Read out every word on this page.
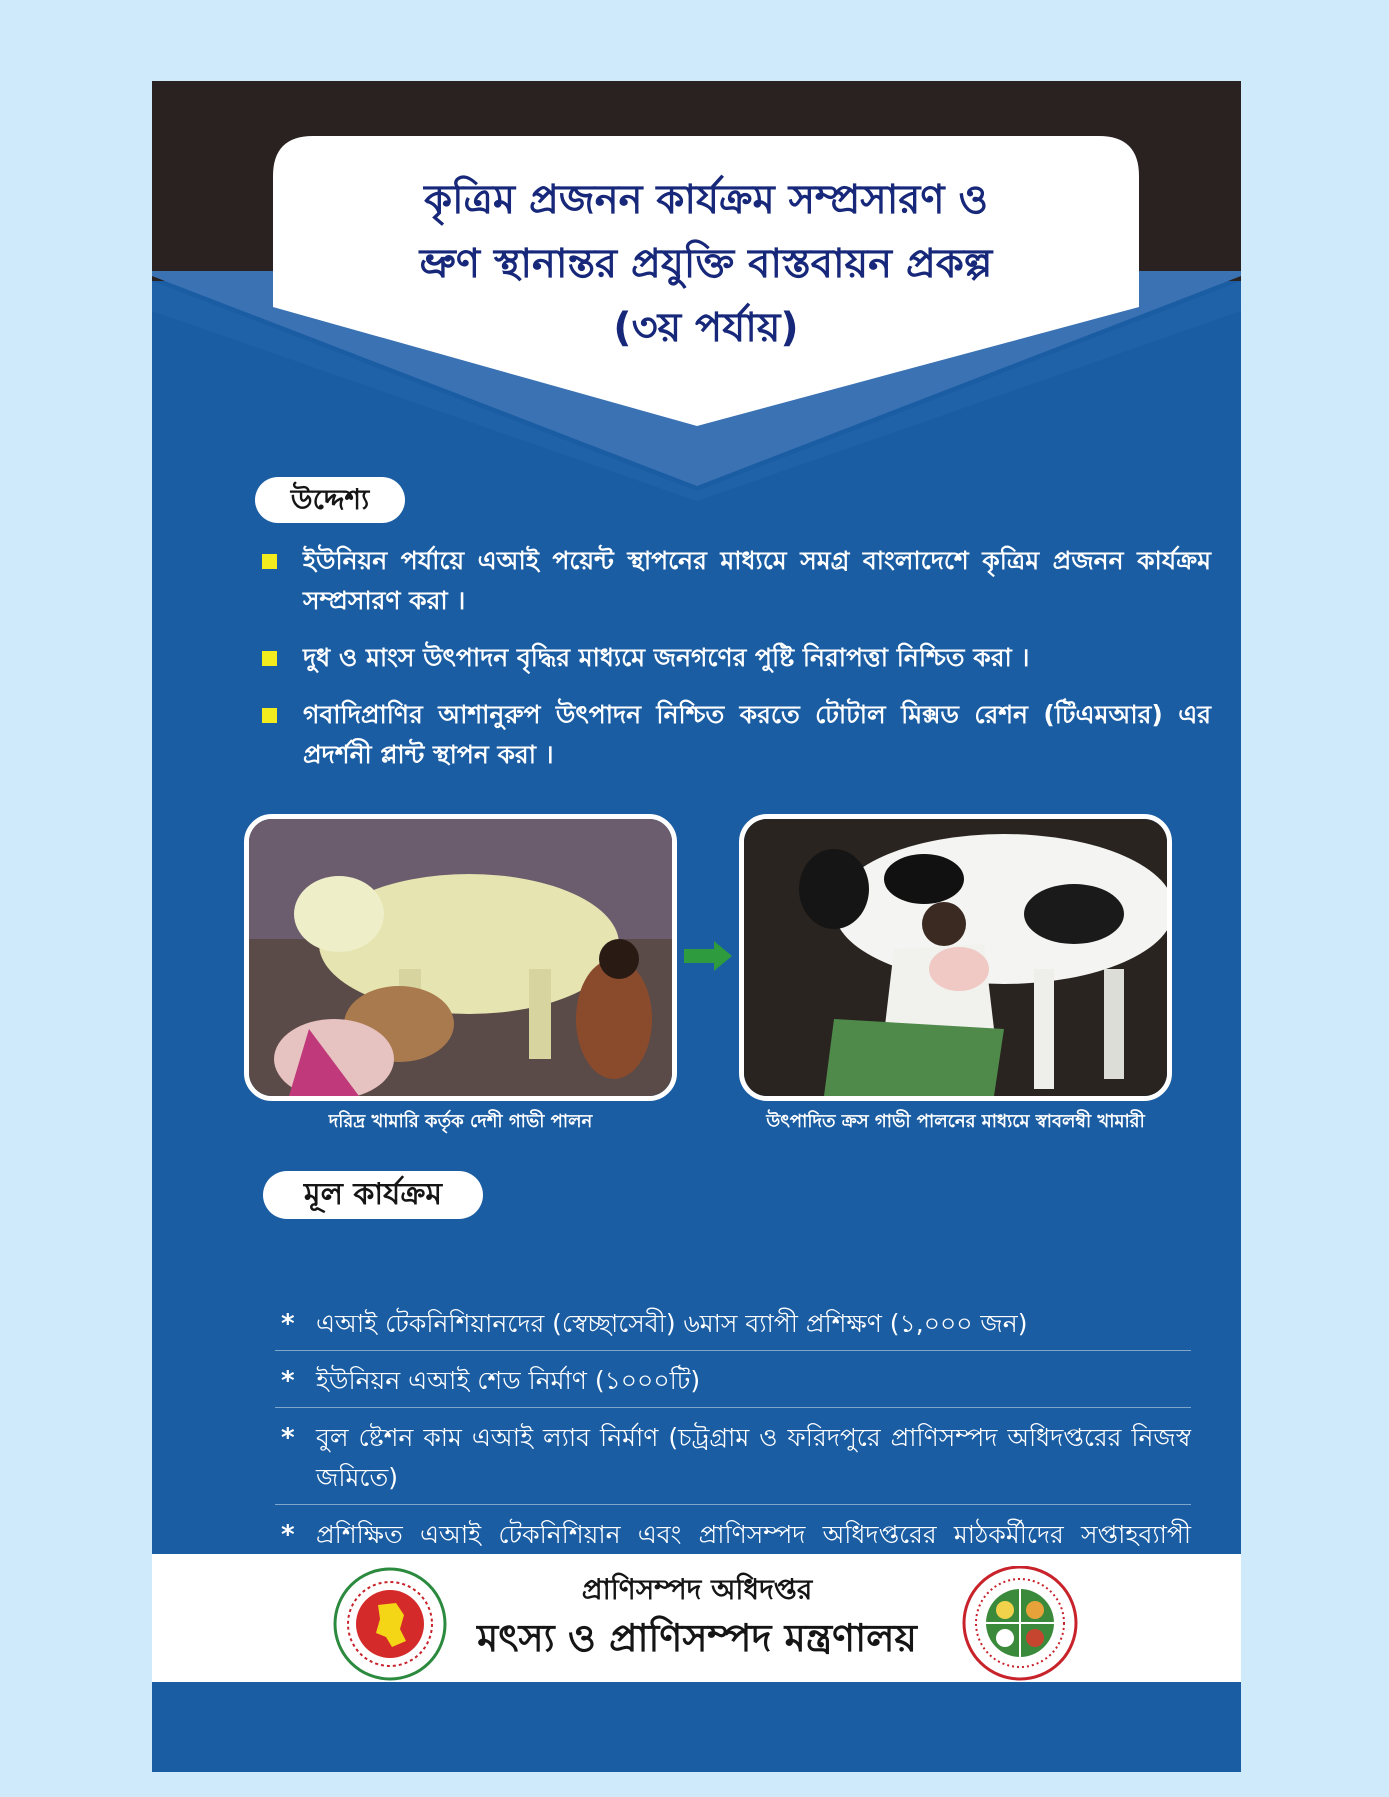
কৃত্রিম প্রজনন কার্যক্রম সম্প্রসারণ ও
ভ্রুণ স্থানান্তর প্রযুক্তি বাস্তবায়ন প্রকল্প
(৩য় পর্যায়)
উদ্দেশ্য
ইউনিয়ন পর্যায়ে এআই পয়েন্ট স্থাপনের মাধ্যমে সমগ্র বাংলাদেশে কৃত্রিম প্রজনন কার্যক্রম সম্প্রসারণ করা ।
দুধ ও মাংস উৎপাদন বৃদ্ধির মাধ্যমে জনগণের পুষ্টি নিরাপত্তা নিশ্চিত করা ।
গবাদিপ্রাণির আশানুরুপ উৎপাদন নিশ্চিত করতে টোটাল মিক্সড রেশন (টিএমআর) এর প্রদর্শনী প্লান্ট স্থাপন করা ।
দরিদ্র খামারি কর্তৃক দেশী গাভী পালন	উৎপাদিত ক্রস গাভী পালনের মাধ্যমে স্বাবলম্বী খামারী
মূল কার্যক্রম
* এআই টেকনিশিয়ানদের (স্বেচ্ছাসেবী) ৬মাস ব্যাপী প্রশিক্ষণ (১,০০০ জন)
* ইউনিয়ন এআই শেড নির্মাণ (১০০০টি)
* বুল ষ্টেশন কাম এআই ল্যাব নির্মাণ (চট্রগ্রাম ও ফরিদপুরে প্রাণিসম্পদ অধিদপ্তরের নিজস্ব জমিতে)
* প্রশিক্ষিত এআই টেকনিশিয়ান এবং প্রাণিসম্পদ অধিদপ্তরের মাঠকর্মীদের সপ্তাহব্যাপী
প্রাণিসম্পদ অধিদপ্তর
মৎস্য ও প্রাণিসম্পদ মন্ত্রণালয়
